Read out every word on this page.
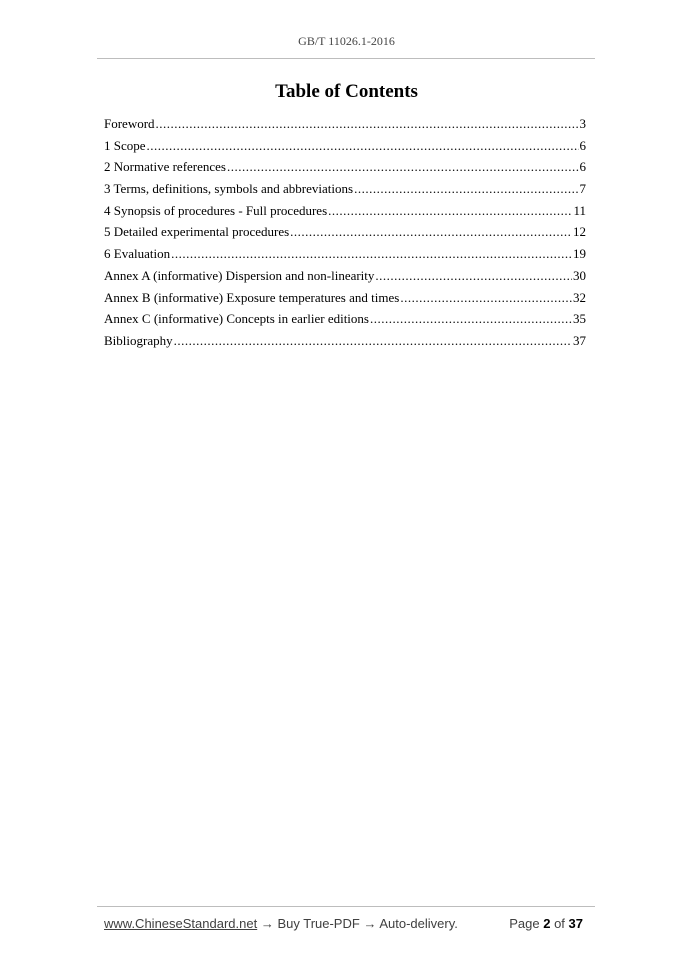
GB/T 11026.1-2016
Table of Contents
Foreword .....	3
1 Scope .....	6
2 Normative references .....	6
3 Terms, definitions, symbols and abbreviations .....	7
4 Synopsis of procedures - Full procedures .....	11
5 Detailed experimental procedures .....	12
6 Evaluation .....	19
Annex A (informative) Dispersion and non-linearity .....	30
Annex B (informative) Exposure temperatures and times .....	32
Annex C (informative) Concepts in earlier editions .....	35
Bibliography .....	37
www.ChineseStandard.net → Buy True-PDF → Auto-delivery.	Page 2 of 37
